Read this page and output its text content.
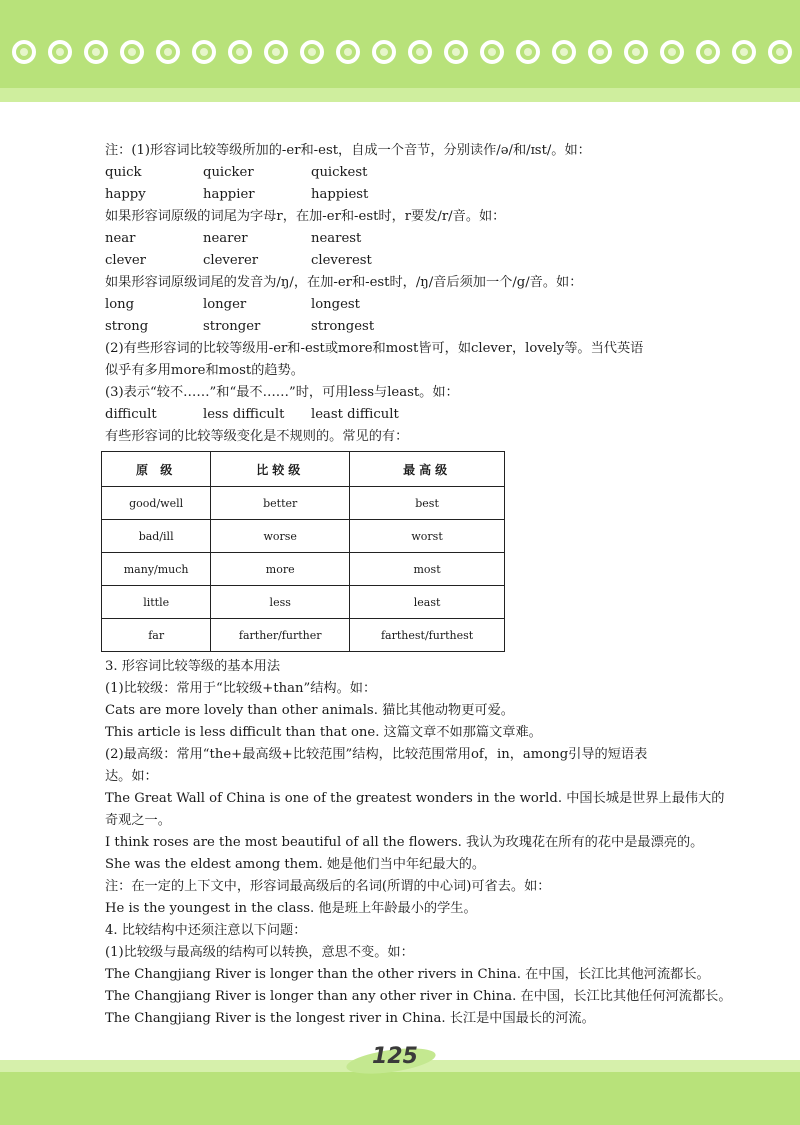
注：(1)形容词比较等级所加的-er和-est，自成一个音节，分别读作/ə/和/ɪst/。如：
quick	quicker	quickest
happy	happier	happiest
如果形容词原级的词尾为字母r，在加-er和-est时，r要发/r/音。如：
near	nearer	nearest
clever	cleverer	cleverest
如果形容词原级词尾的发音为/ŋ/，在加-er和-est时，/ŋ/音后须加一个/g/音。如：
long	longer	longest
strong	stronger	strongest
(2)有些形容词的比较等级用-er和-est或more和most皆可，如clever，lovely等。当代英语
似乎有多用more和most的趋势。
(3)表示“较不……”和“最不……”时，可用less与least。如：
difficult	less difficult	least difficult
有些形容词的比较等级变化是不规则的。常见的有：
原 级	比较级	最高级
good/well	better	best
bad/ill	worse	worst
many/much	more	most
little	less	least
far	farther/further	farthest/furthest
3. 形容词比较等级的基本用法
(1)比较级：常用于“比较级+than”结构。如：
Cats are more lovely than other animals. 猫比其他动物更可爱。
This article is less difficult than that one. 这篇文章不如那篇文章难。
(2)最高级：常用“the+最高级+比较范围”结构，比较范围常用of，in，among引导的短语表
达。如：
The Great Wall of China is one of the greatest wonders in the world. 中国长城是世界上最伟大的
奇观之一。
I think roses are the most beautiful of all the flowers. 我认为玫瑰花在所有的花中是最漂亮的。
She was the eldest among them. 她是他们当中年纪最大的。
注：在一定的上下文中，形容词最高级后的名词(所谓的中心词)可省去。如：
He is the youngest in the class. 他是班上年龄最小的学生。
4. 比较结构中还须注意以下问题：
(1)比较级与最高级的结构可以转换，意思不变。如：
The Changjiang River is longer than the other rivers in China. 在中国，长江比其他河流都长。
The Changjiang River is longer than any other river in China. 在中国，长江比其他任何河流都长。
The Changjiang River is the longest river in China. 长江是中国最长的河流。
125
